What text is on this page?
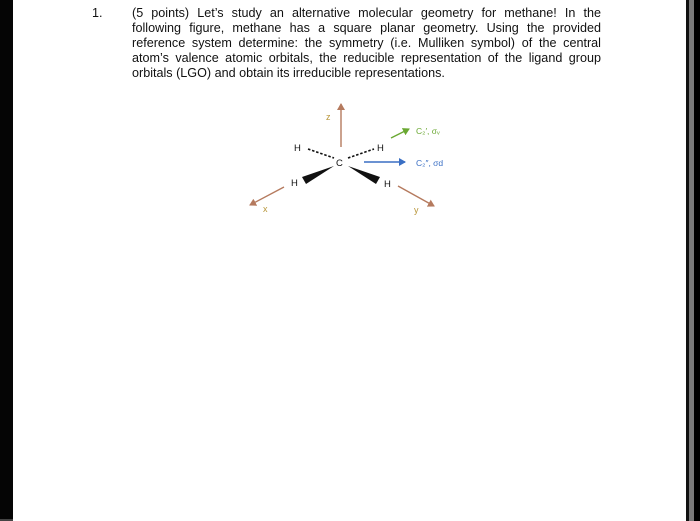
1. (5 points) Let’s study an alternative molecular geometry for methane! In the following figure, methane has a square planar geometry. Using the provided reference system determine: the symmetry (i.e. Mulliken symbol) of the central atom’s valence atomic orbitals, the reducible representation of the ligand group orbitals (LGO) and obtain its irreducible representations.
z
x	y
C
H	H
H	H
C₂′, σᵥ
C₂″, σd
